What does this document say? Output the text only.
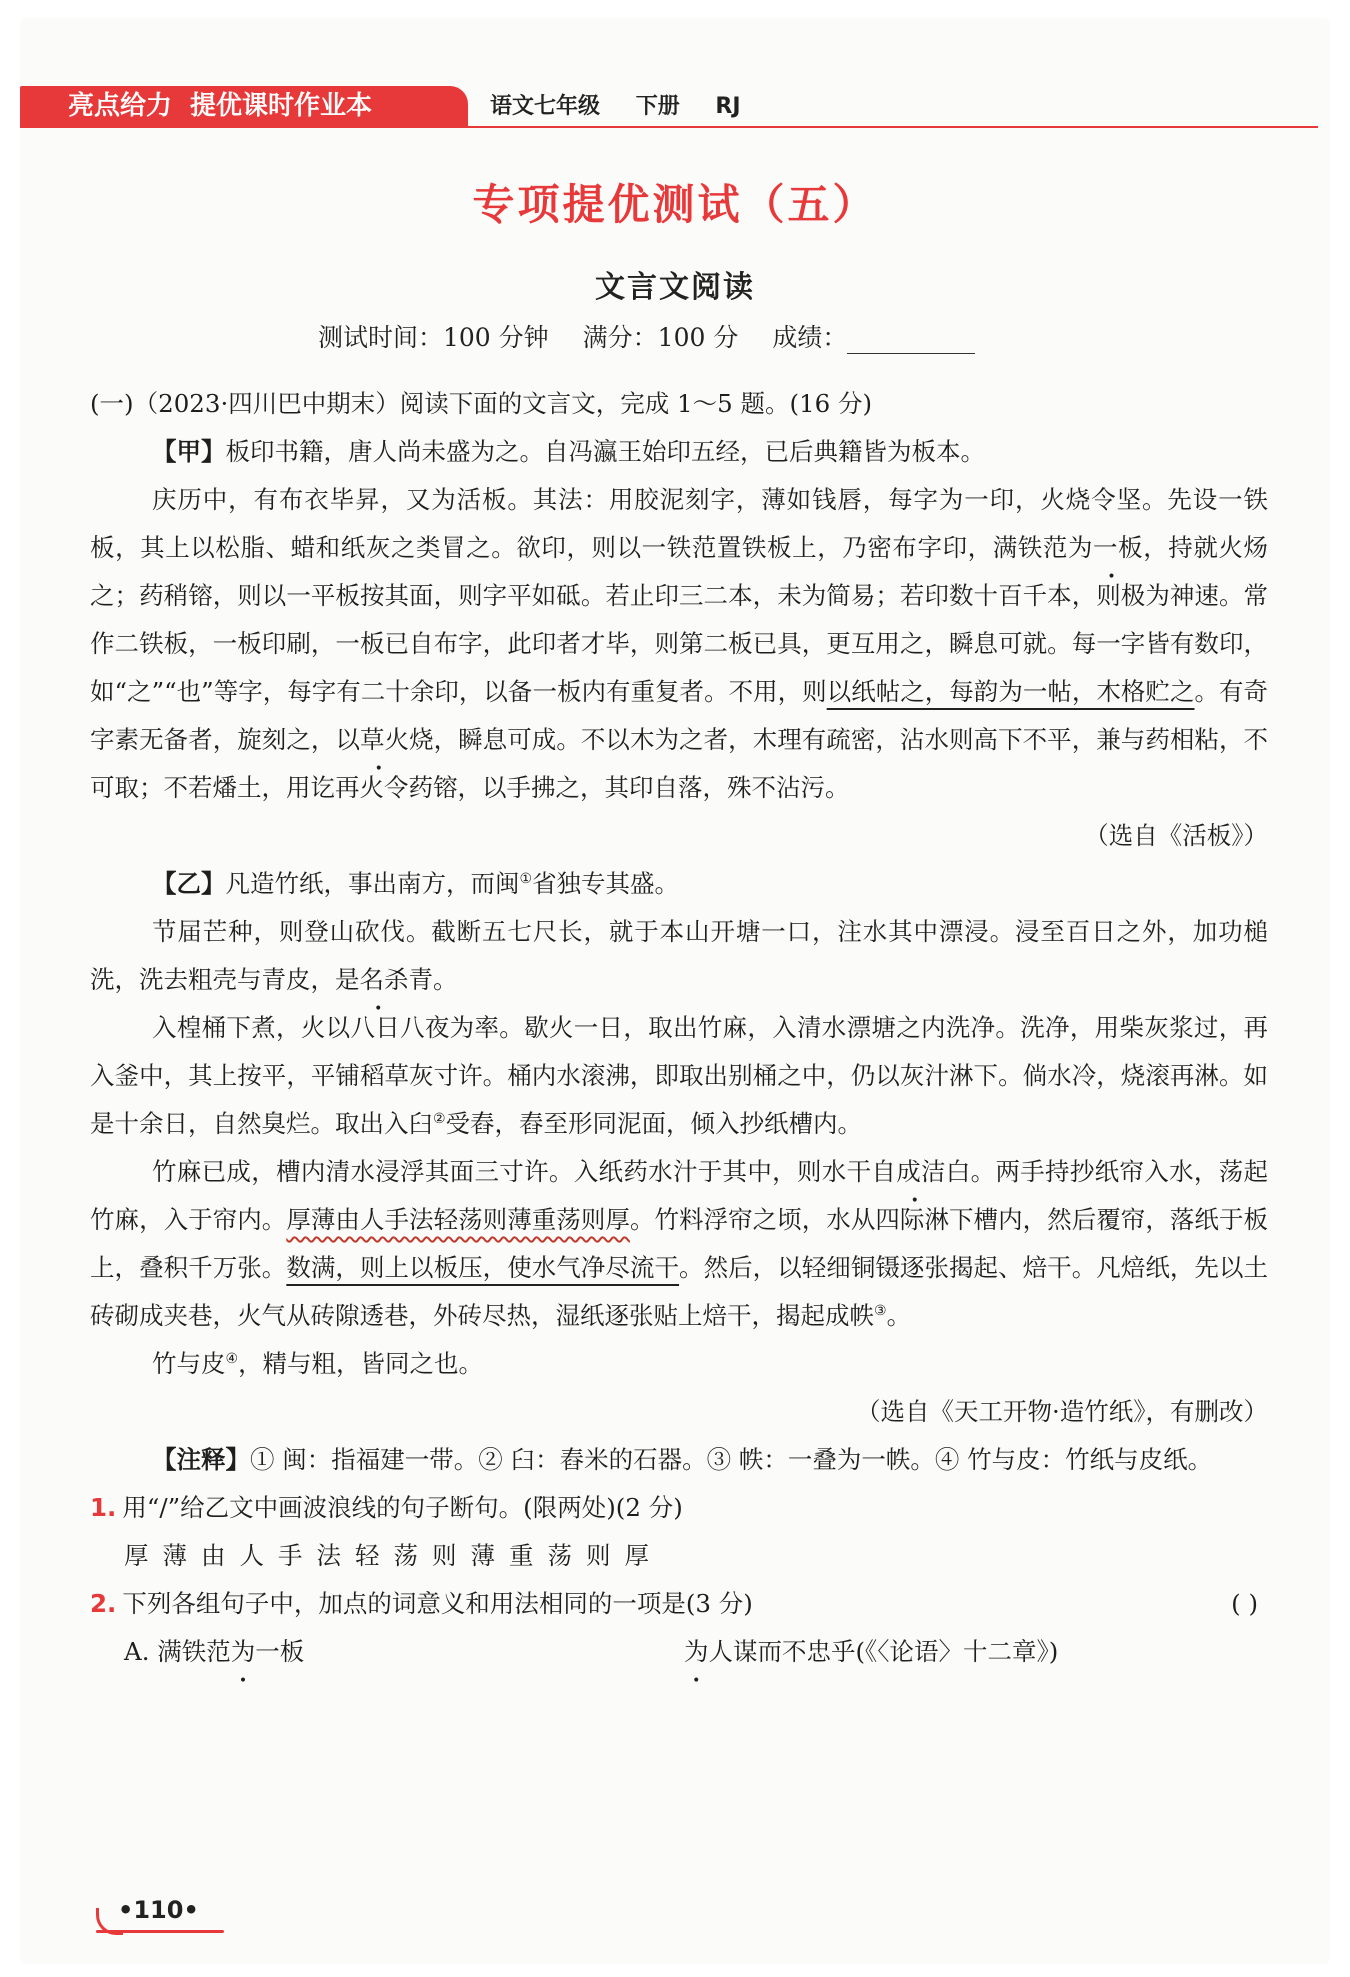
亮点给力 提优课时作业本	语文七年级 下册 RJ
专项提优测试（五）
文言文阅读
测试时间：100 分钟 满分：100 分 成绩：

(一)（2023·四川巴中期末）阅读下面的文言文，完成 1～5 题。(16 分)

【甲】板印书籍，唐人尚未盛为之。自冯瀛王始印五经，已后典籍皆为板本。

庆历中，有布衣毕昇，又为活板。其法：用胶泥刻字，薄如钱唇，每字为一印，火烧令坚。先设一铁板，其上以松脂、蜡和纸灰之类冒之。欲印，则以一铁范置铁板上，乃密布字印，满铁范为一板，持就火炀之；药稍镕，则以一平板按其面，则字平如砥。若止印三二本，未为简易；若印数十百千本，则极为神速。常作二铁板，一板印刷，一板已自布字，此印者才毕，则第二板已具，更互用之，瞬息可就。每一字皆有数印，如“之”“也”等字，每字有二十余印，以备一板内有重复者。不用，则以纸帖之，每韵为一帖，木格贮之。有奇字素无备者，旋刻之，以草火烧，瞬息可成。不以木为之者，木理有疏密，沾水则高下不平，兼与药相粘，不可取；不若燔土，用讫再火令药镕，以手拂之，其印自落，殊不沾污。

（选自《活板》）

【乙】凡造竹纸，事出南方，而闽①省独专其盛。

节届芒种，则登山砍伐。截断五七尺长，就于本山开塘一口，注水其中漂浸。浸至百日之外，加功槌洗，洗去粗壳与青皮，是名杀青。

入楻桶下煮，火以八日八夜为率。歇火一日，取出竹麻，入清水漂塘之内洗净。洗净，用柴灰浆过，再入釜中，其上按平，平铺稻草灰寸许。桶内水滚沸，即取出别桶之中，仍以灰汁淋下。倘水冷，烧滚再淋。如是十余日，自然臭烂。取出入臼②受舂，舂至形同泥面，倾入抄纸槽内。

竹麻已成，槽内清水浸浮其面三寸许。入纸药水汁于其中，则水干自成洁白。两手持抄纸帘入水，荡起竹麻，入于帘内。厚薄由人手法轻荡则薄重荡则厚。竹料浮帘之顷，水从四际淋下槽内，然后覆帘，落纸于板上，叠积千万张。数满，则上以板压，使水气净尽流干。然后，以轻细铜镊逐张揭起、焙干。凡焙纸，先以土砖砌成夹巷，火气从砖隙透巷，外砖尽热，湿纸逐张贴上焙干，揭起成帙③。

竹与皮④，精与粗，皆同之也。

（选自《天工开物·造竹纸》，有删改）

【注释】① 闽：指福建一带。② 臼：舂米的石器。③ 帙：一叠为一帙。④ 竹与皮：竹纸与皮纸。

1. 用“/”给乙文中画波浪线的句子断句。(限两处)(2 分)

厚薄由人手法轻荡则薄重荡则厚

2. 下列各组句子中，加点的词意义和用法相同的一项是(3 分)	( )

A. 满铁范为一板	为人谋而不忠乎(《〈论语〉十二章》)

•110•
